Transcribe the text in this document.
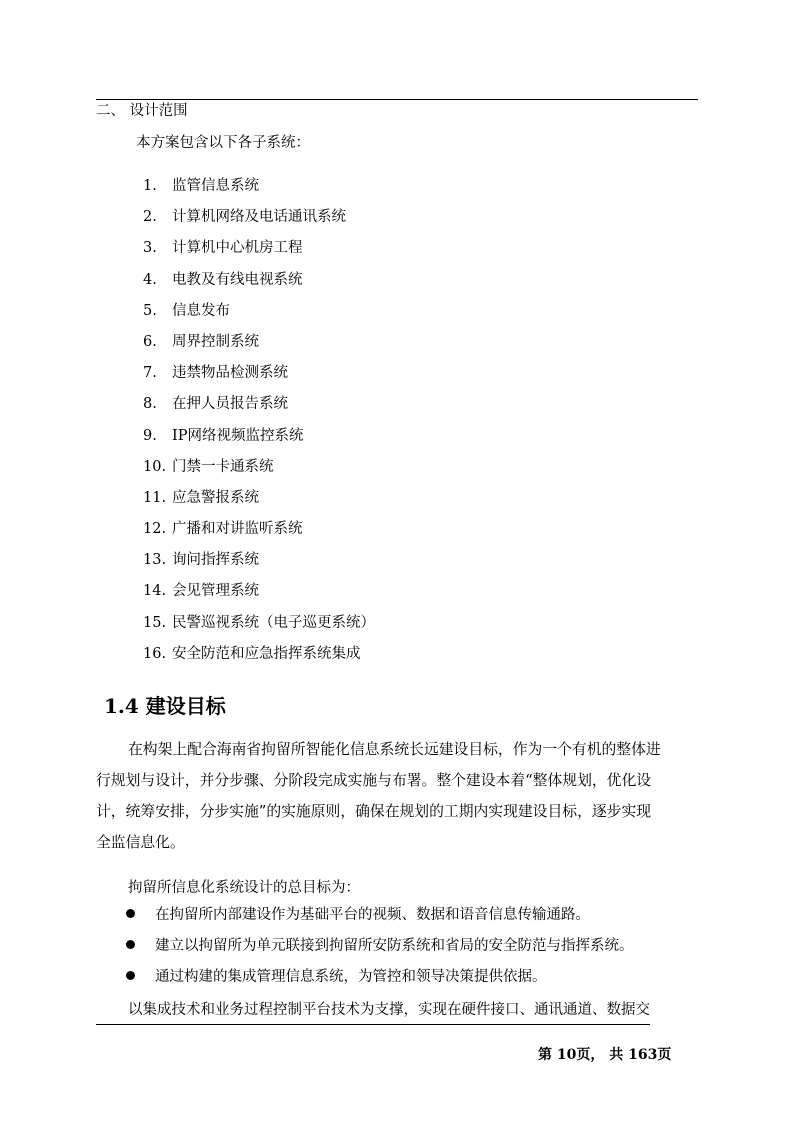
二、 设计范围
本方案包含以下各子系统：
1. 监管信息系统
2. 计算机网络及电话通讯系统
3. 计算机中心机房工程
4. 电教及有线电视系统
5. 信息发布
6. 周界控制系统
7. 违禁物品检测系统
8. 在押人员报告系统
9. IP网络视频监控系统
10. 门禁一卡通系统
11. 应急警报系统
12. 广播和对讲监听系统
13. 询问指挥系统
14. 会见管理系统
15. 民警巡视系统（电子巡更系统）
16. 安全防范和应急指挥系统集成
1.4 建设目标
在构架上配合海南省拘留所智能化信息系统长远建设目标，作为一个有机的整体进
行规划与设计，并分步骤、分阶段完成实施与布署。整个建设本着“整体规划，优化设
计，统筹安排，分步实施”的实施原则，确保在规划的工期内实现建设目标，逐步实现
全监信息化。
拘留所信息化系统设计的总目标为：
在拘留所内部建设作为基础平台的视频、数据和语音信息传输通路。
建立以拘留所为单元联接到拘留所安防系统和省局的安全防范与指挥系统。
通过构建的集成管理信息系统，为管控和领导决策提供依据。
以集成技术和业务过程控制平台技术为支撑，实现在硬件接口、通讯通道、数据交
第 10页， 共 163页
